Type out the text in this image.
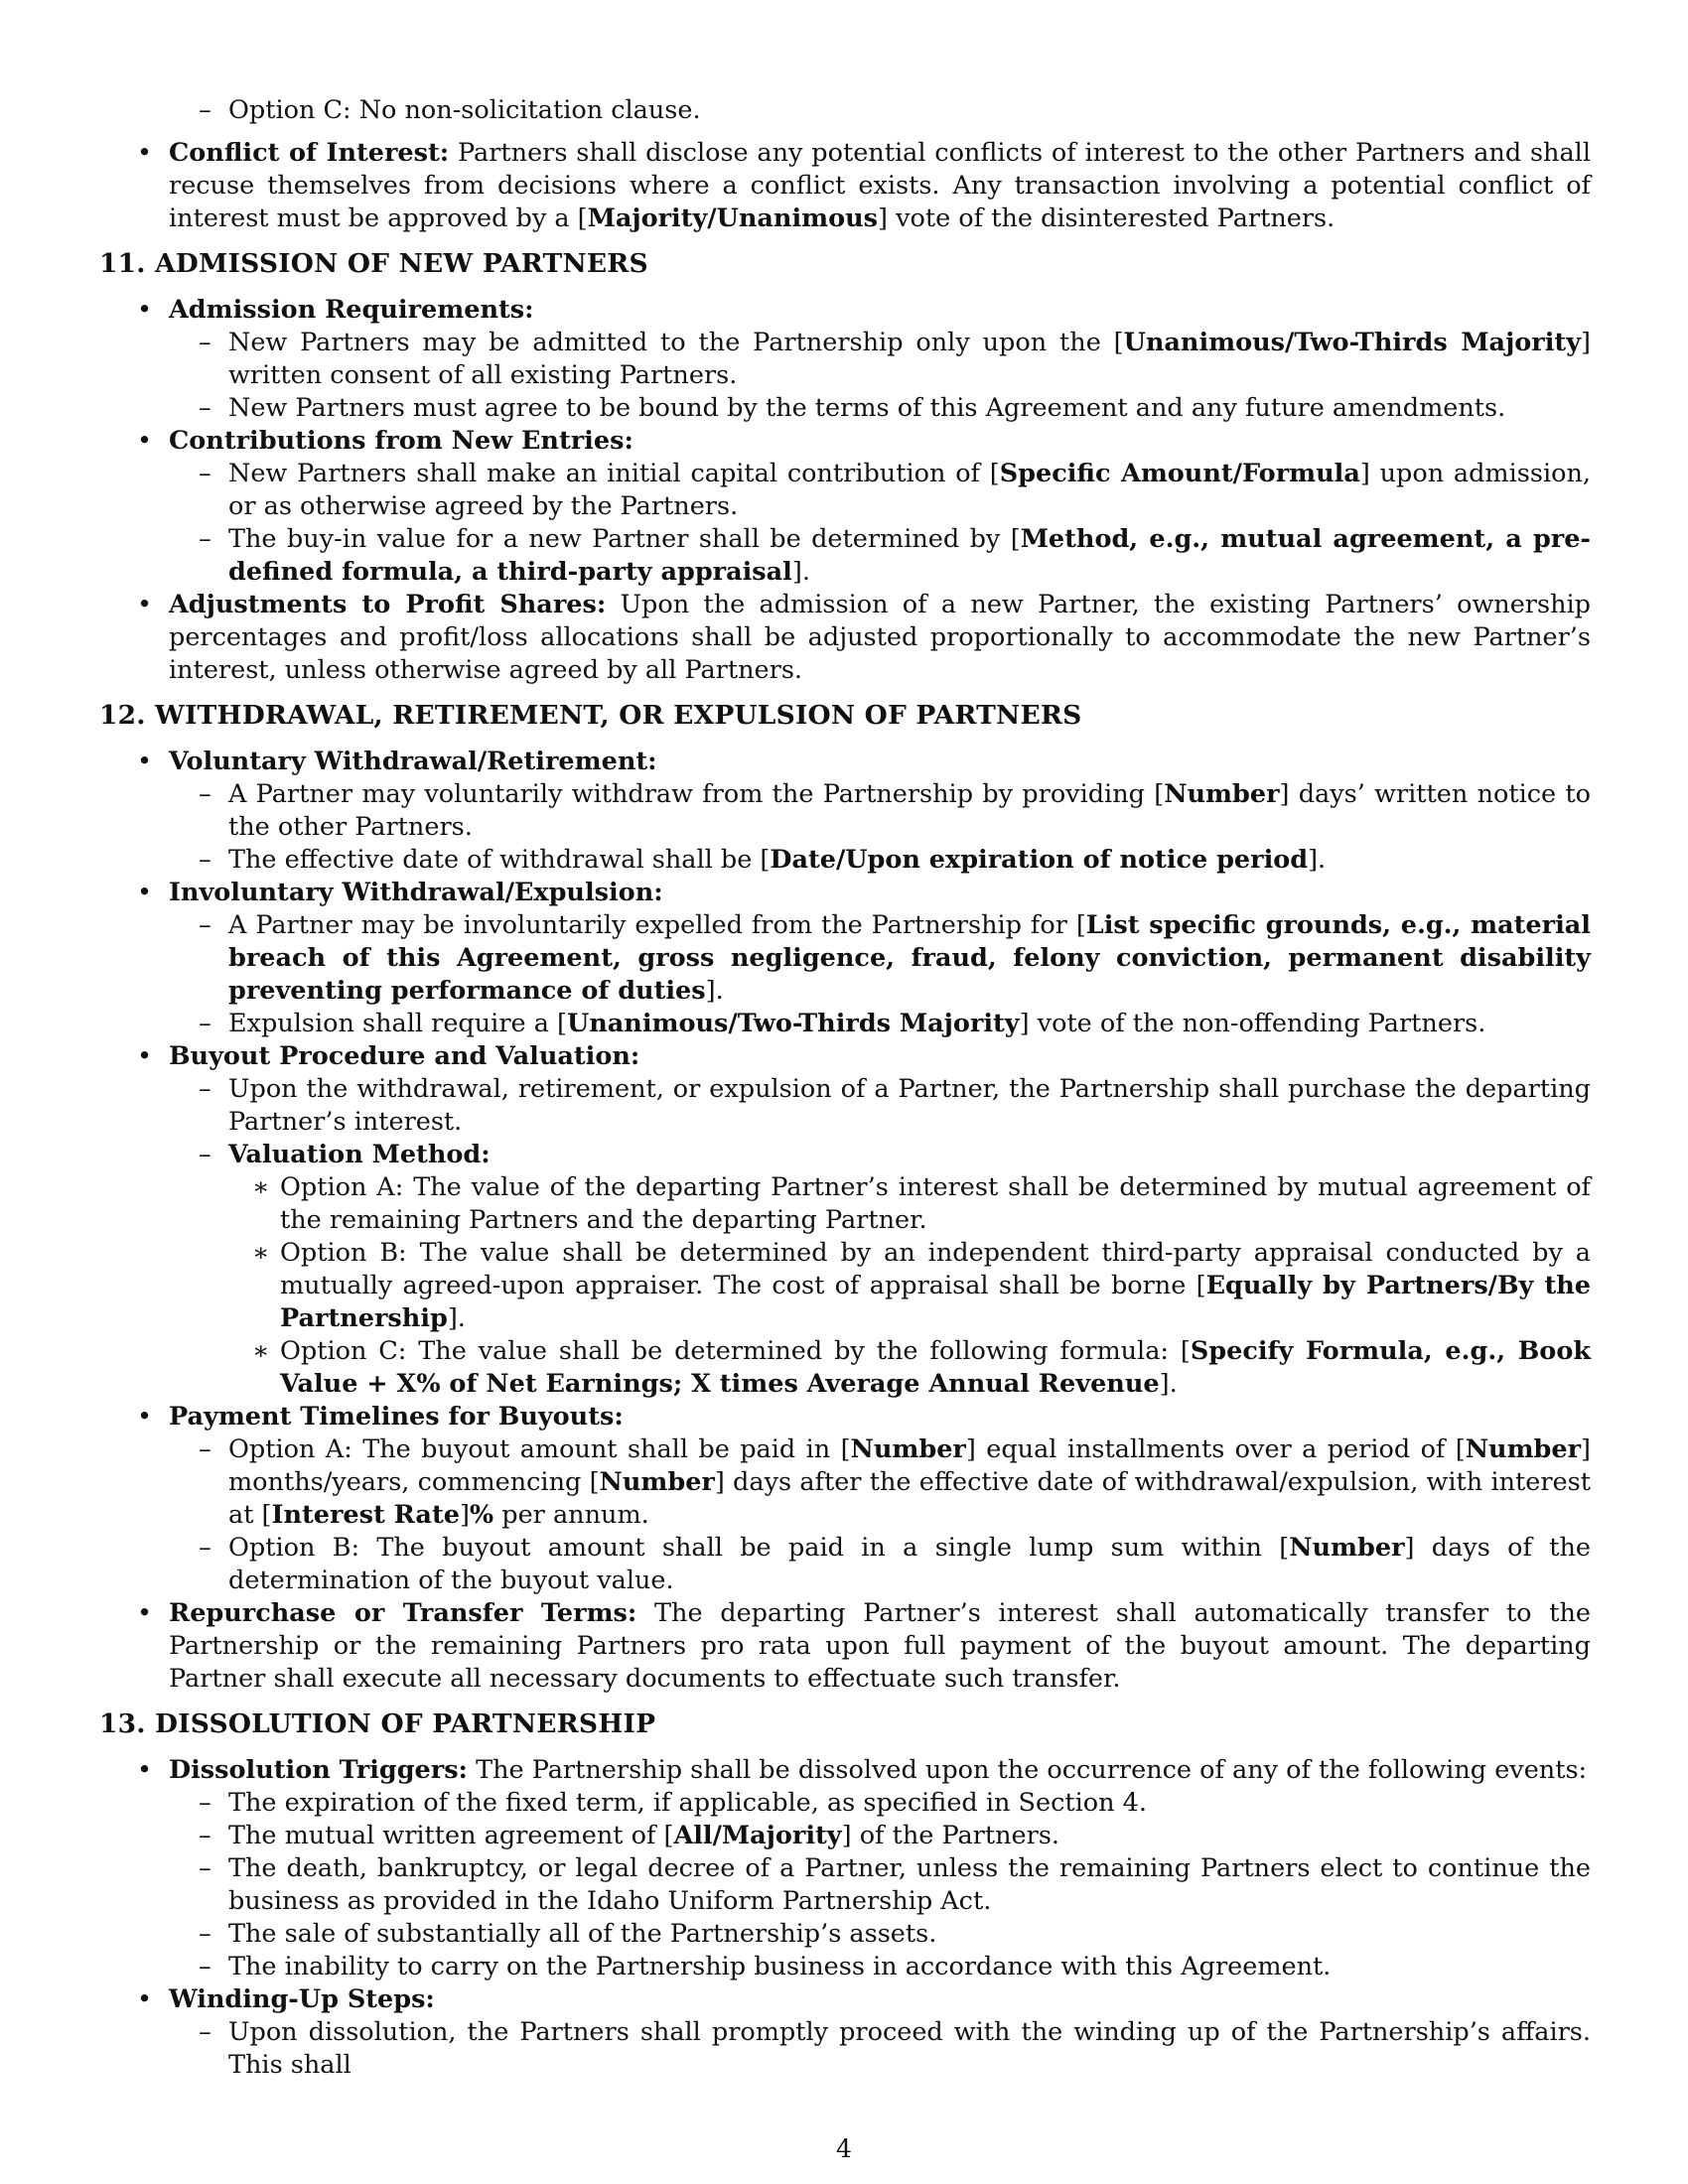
– Option C: No non-solicitation clause.
• Conflict of Interest: Partners shall disclose any potential conflicts of interest to the other Partners and shall recuse themselves from decisions where a conflict exists. Any transaction involving a potential conflict of interest must be approved by a [Majority/Unanimous] vote of the disinterested Partners.
11. ADMISSION OF NEW PARTNERS
• Admission Requirements:
– New Partners may be admitted to the Partnership only upon the [Unanimous/Two-Thirds Majority] written consent of all existing Partners.
– New Partners must agree to be bound by the terms of this Agreement and any future amendments.
• Contributions from New Entries:
– New Partners shall make an initial capital contribution of [Specific Amount/Formula] upon admission, or as otherwise agreed by the Partners.
– The buy-in value for a new Partner shall be determined by [Method, e.g., mutual agreement, a pre-defined formula, a third-party appraisal].
• Adjustments to Profit Shares: Upon the admission of a new Partner, the existing Partners’ ownership percentages and profit/loss allocations shall be adjusted proportionally to accommodate the new Partner’s interest, unless otherwise agreed by all Partners.
12. WITHDRAWAL, RETIREMENT, OR EXPULSION OF PARTNERS
• Voluntary Withdrawal/Retirement:
– A Partner may voluntarily withdraw from the Partnership by providing [Number] days’ written notice to the other Partners.
– The effective date of withdrawal shall be [Date/Upon expiration of notice period].
• Involuntary Withdrawal/Expulsion:
– A Partner may be involuntarily expelled from the Partnership for [List specific grounds, e.g., material breach of this Agreement, gross negligence, fraud, felony conviction, permanent disability preventing performance of duties].
– Expulsion shall require a [Unanimous/Two-Thirds Majority] vote of the non-offending Partners.
• Buyout Procedure and Valuation:
– Upon the withdrawal, retirement, or expulsion of a Partner, the Partnership shall purchase the departing Partner’s interest.
– Valuation Method:
∗ Option A: The value of the departing Partner’s interest shall be determined by mutual agreement of the remaining Partners and the departing Partner.
∗ Option B: The value shall be determined by an independent third-party appraisal conducted by a mutually agreed-upon appraiser. The cost of appraisal shall be borne [Equally by Partners/By the Partnership].
∗ Option C: The value shall be determined by the following formula: [Specify Formula, e.g., Book Value + X% of Net Earnings; X times Average Annual Revenue].
• Payment Timelines for Buyouts:
– Option A: The buyout amount shall be paid in [Number] equal installments over a period of [Number] months/years, commencing [Number] days after the effective date of withdrawal/expulsion, with interest at [Interest Rate]% per annum.
– Option B: The buyout amount shall be paid in a single lump sum within [Number] days of the determination of the buyout value.
• Repurchase or Transfer Terms: The departing Partner’s interest shall automatically transfer to the Partnership or the remaining Partners pro rata upon full payment of the buyout amount. The departing Partner shall execute all necessary documents to effectuate such transfer.
13. DISSOLUTION OF PARTNERSHIP
• Dissolution Triggers: The Partnership shall be dissolved upon the occurrence of any of the following events:
– The expiration of the fixed term, if applicable, as specified in Section 4.
– The mutual written agreement of [All/Majority] of the Partners.
– The death, bankruptcy, or legal decree of a Partner, unless the remaining Partners elect to continue the business as provided in the Idaho Uniform Partnership Act.
– The sale of substantially all of the Partnership’s assets.
– The inability to carry on the Partnership business in accordance with this Agreement.
• Winding-Up Steps:
– Upon dissolution, the Partners shall promptly proceed with the winding up of the Partnership’s affairs. This shall
4
